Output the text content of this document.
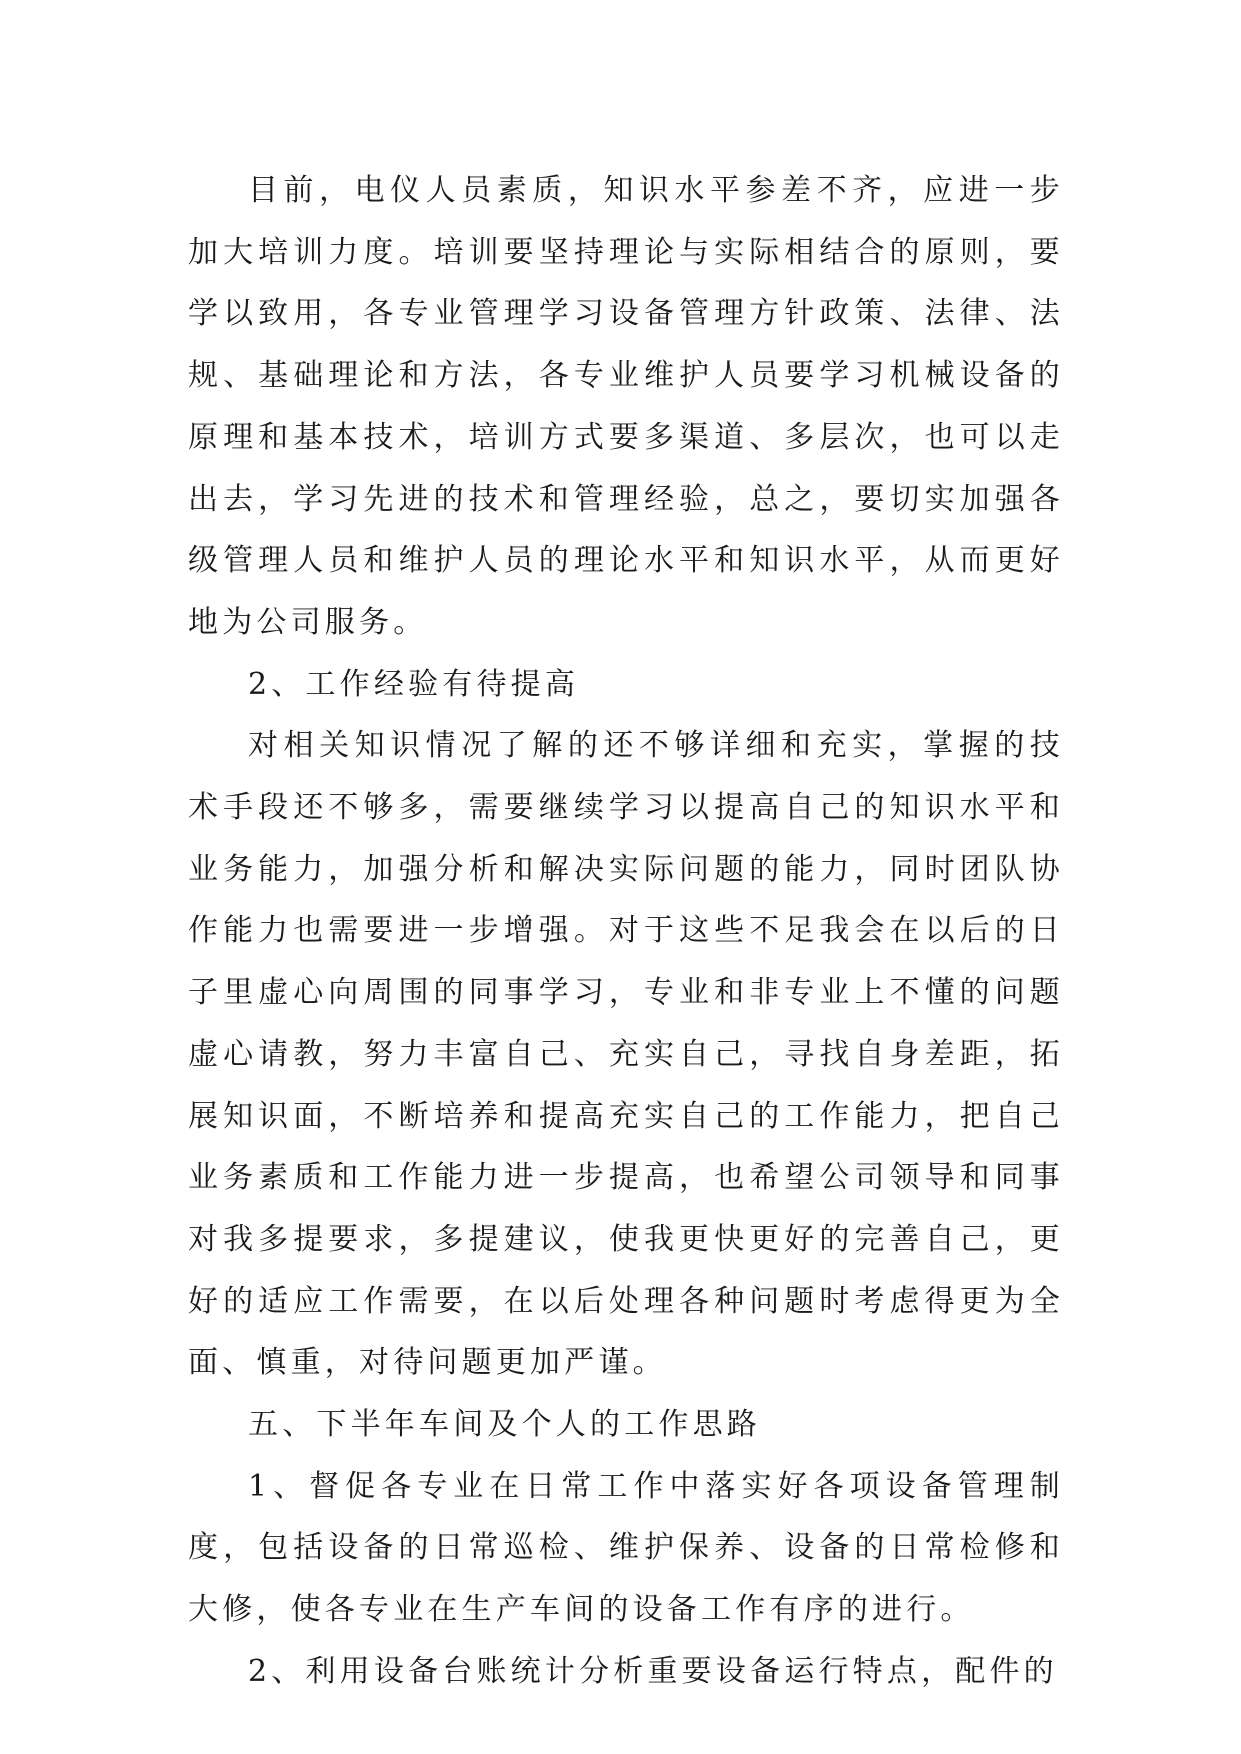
目前，电仪人员素质，知识水平参差不齐，应进一步加大培训力度。培训要坚持理论与实际相结合的原则，要学以致用，各专业管理学习设备管理方针政策、法律、法规、基础理论和方法，各专业维护人员要学习机械设备的原理和基本技术，培训方式要多渠道、多层次，也可以走出去，学习先进的技术和管理经验，总之，要切实加强各级管理人员和维护人员的理论水平和知识水平，从而更好地为公司服务。

2、工作经验有待提高

对相关知识情况了解的还不够详细和充实，掌握的技术手段还不够多，需要继续学习以提高自己的知识水平和业务能力，加强分析和解决实际问题的能力，同时团队协作能力也需要进一步增强。对于这些不足我会在以后的日子里虚心向周围的同事学习，专业和非专业上不懂的问题虚心请教，努力丰富自己、充实自己，寻找自身差距，拓展知识面，不断培养和提高充实自己的工作能力，把自己业务素质和工作能力进一步提高，也希望公司领导和同事对我多提要求，多提建议，使我更快更好的完善自己，更好的适应工作需要，在以后处理各种问题时考虑得更为全面、慎重，对待问题更加严谨。

五、下半年车间及个人的工作思路

1、督促各专业在日常工作中落实好各项设备管理制度，包括设备的日常巡检、维护保养、设备的日常检修和大修，使各专业在生产车间的设备工作有序的进行。

2、利用设备台账统计分析重要设备运行特点，配件的
